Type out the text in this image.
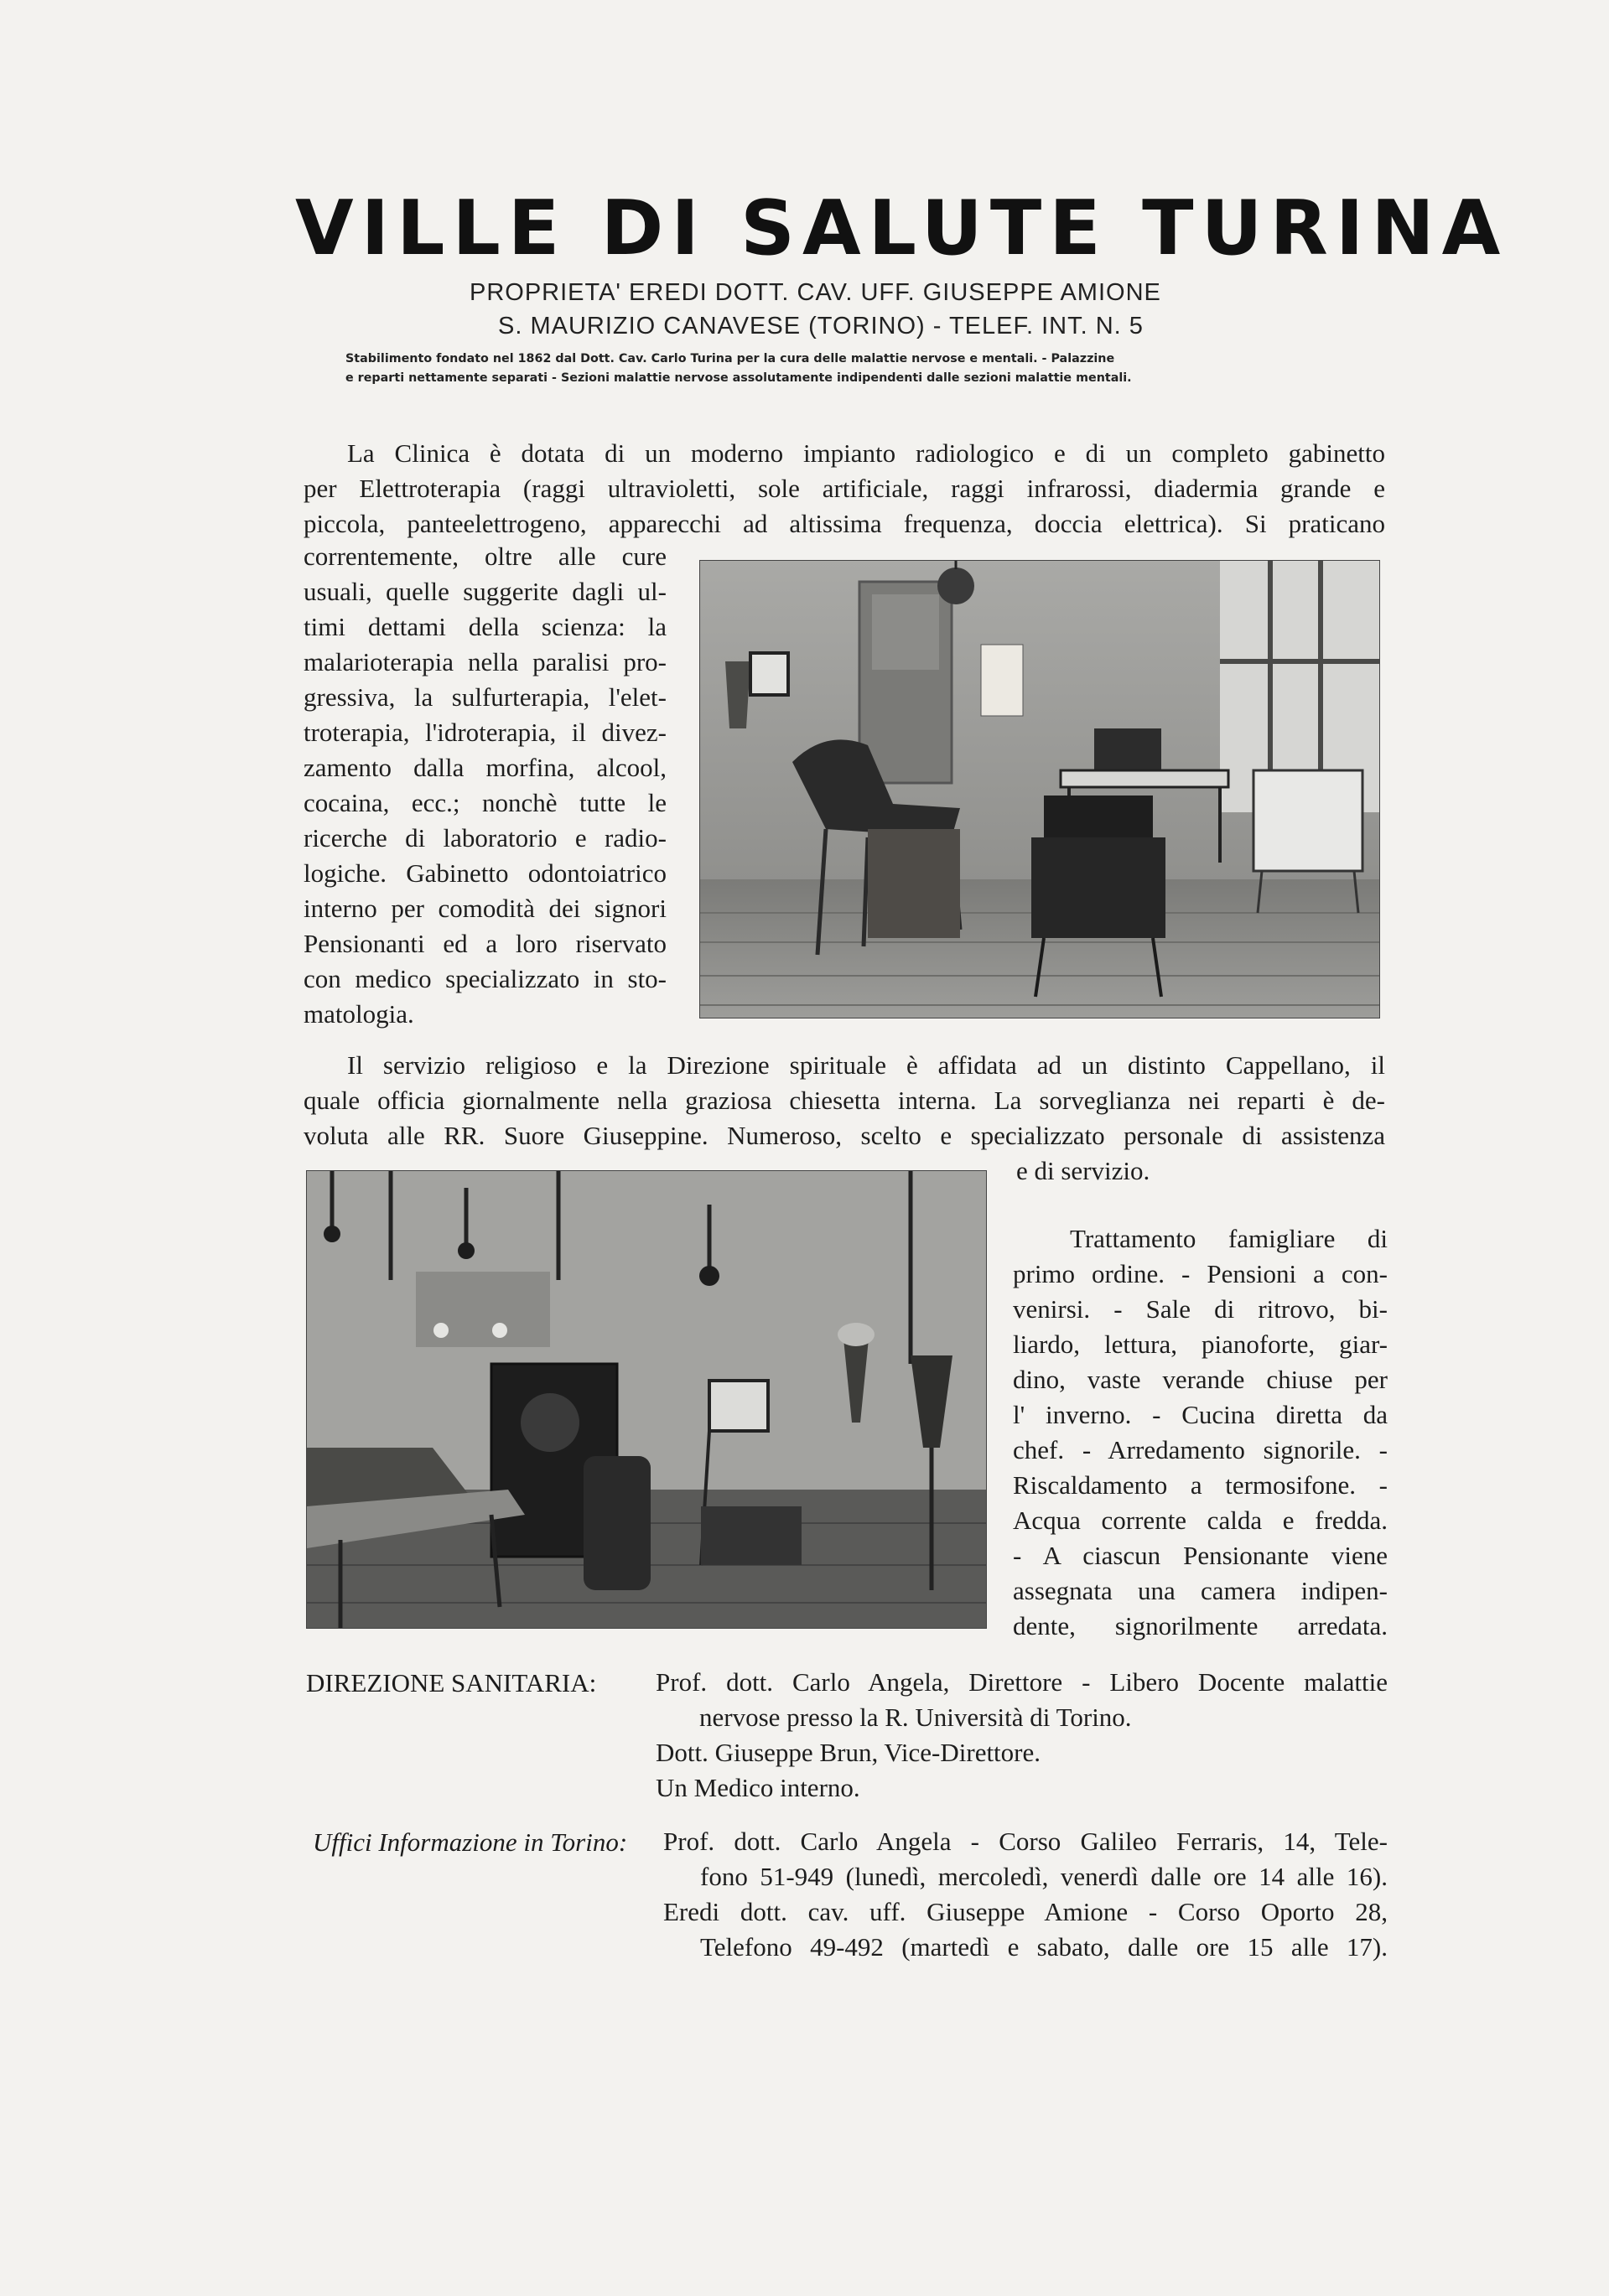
VILLE DI SALUTE TURINA
PROPRIETA' EREDI DOTT. CAV. UFF. GIUSEPPE AMIONE
S. MAURIZIO CANAVESE (TORINO) - TELEF. INT. N. 5
Stabilimento fondato nel 1862 dal Dott. Cav. Carlo Turina per la cura delle malattie nervose e mentali. - Palazzine
e reparti nettamente separati - Sezioni malattie nervose assolutamente indipendenti dalle sezioni malattie mentali.
La Clinica è dotata di un moderno impianto radiologico e di un completo gabinetto
per Elettroterapia (raggi ultravioletti, sole artificiale, raggi infrarossi, diadermia grande e
piccola, panteelettrogeno, apparecchi ad altissima frequenza, doccia elettrica). Si praticano
correntemente, oltre alle cure
usuali, quelle suggerite dagli ul-
timi dettami della scienza: la
malarioterapia nella paralisi pro-
gressiva, la sulfurterapia, l'elet-
troterapia, l'idroterapia, il divez-
zamento dalla morfina, alcool,
cocaina, ecc.; nonchè tutte le
ricerche di laboratorio e radio-
logiche. Gabinetto odontoiatrico
interno per comodità dei signori
Pensionanti ed a loro riservato
con medico specializzato in sto-
matologia.
Il servizio religioso e la Direzione spirituale è affidata ad un distinto Cappellano, il
quale officia giornalmente nella graziosa chiesetta interna. La sorveglianza nei reparti è de-
voluta alle RR. Suore Giuseppine. Numeroso, scelto e specializzato personale di assistenza
e di servizio.
Trattamento famigliare di
primo ordine. - Pensioni a con-
venirsi. - Sale di ritrovo, bi-
liardo, lettura, pianoforte, giar-
dino, vaste verande chiuse per
l' inverno. - Cucina diretta da
chef. - Arredamento signorile. -
Riscaldamento a termosifone. -
Acqua corrente calda e fredda.
- A ciascun Pensionante viene
assegnata una camera indipen-
dente, signorilmente arredata.
DIREZIONE SANITARIA: Prof. dott. Carlo Angela, Direttore - Libero Docente malattie
nervose presso la R. Università di Torino.
Dott. Giuseppe Brun, Vice-Direttore.
Un Medico interno.
Uffici Informazione in Torino: Prof. dott. Carlo Angela - Corso Galileo Ferraris, 14, Tele-
fono 51-949 (lunedì, mercoledì, venerdì dalle ore 14 alle 16).
Eredi dott. cav. uff. Giuseppe Amione - Corso Oporto 28,
Telefono 49-492 (martedì e sabato, dalle ore 15 alle 17).
